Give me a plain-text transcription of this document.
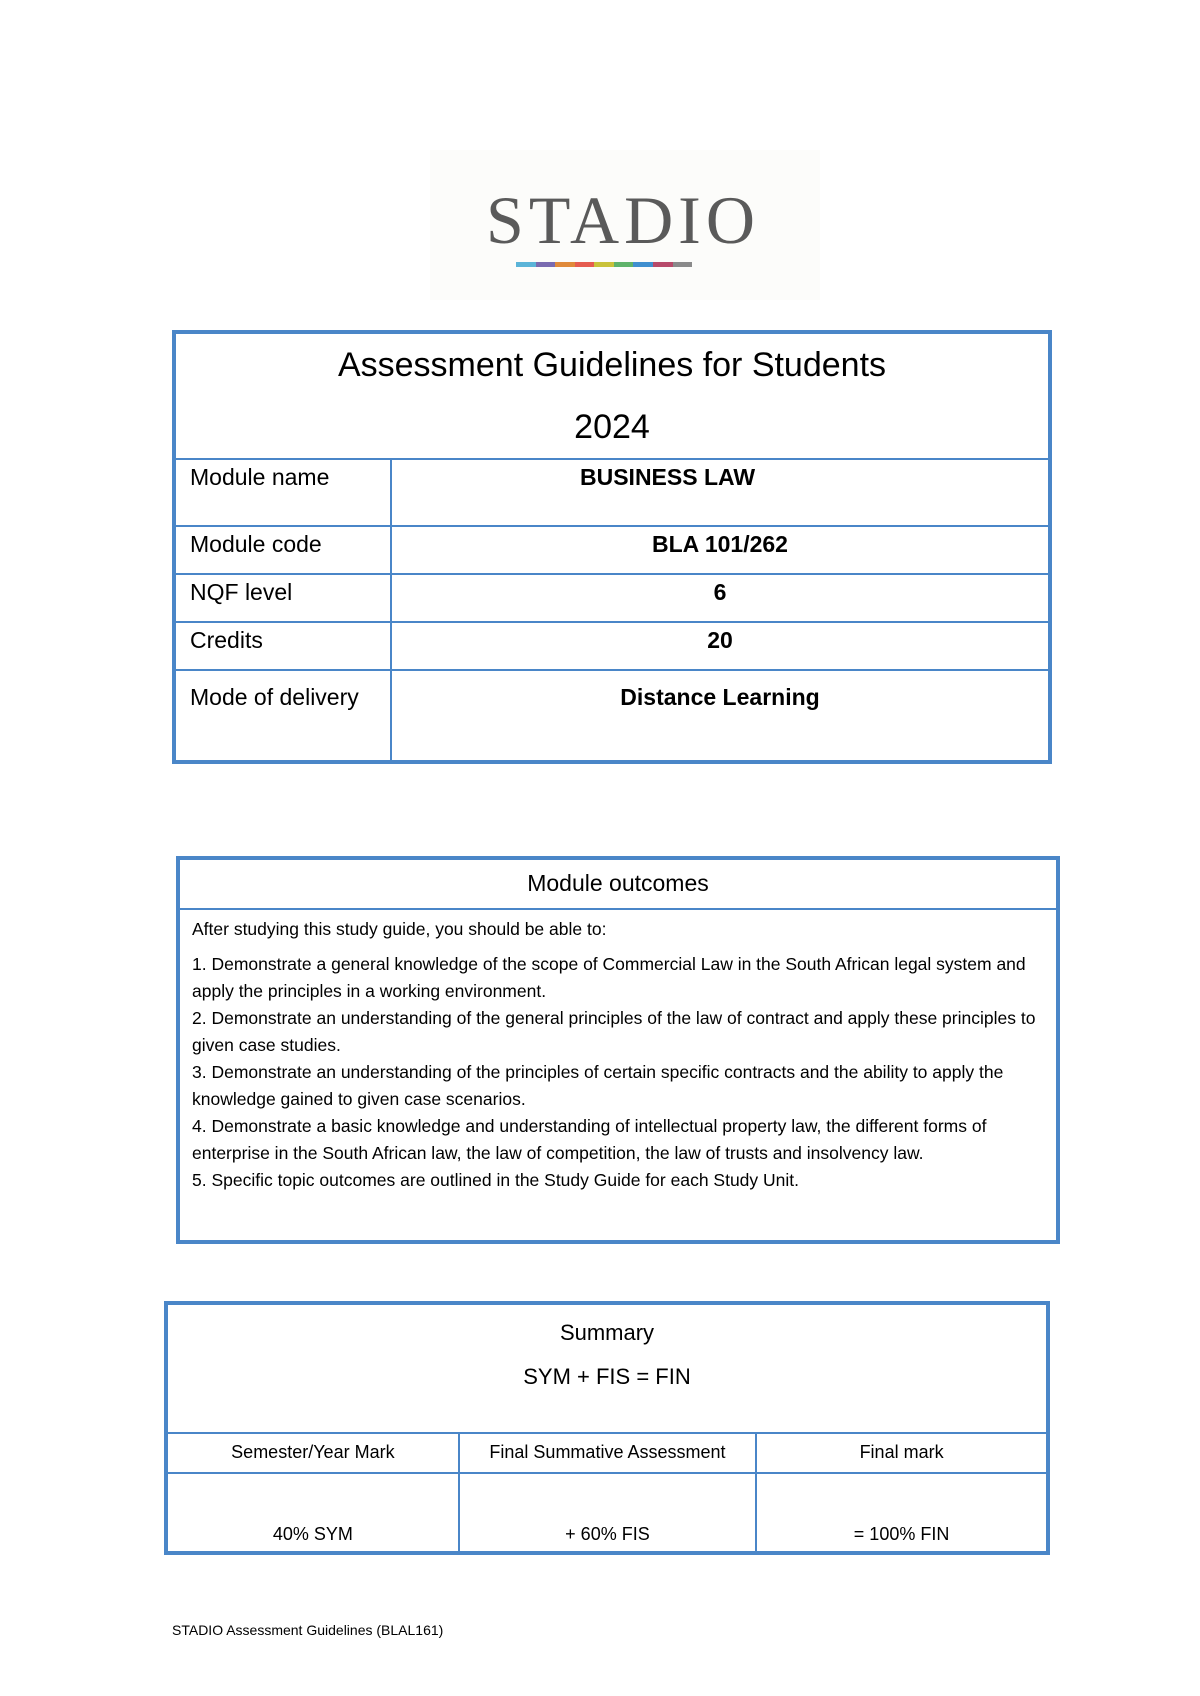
STADIO
Assessment Guidelines for Students
2024	

Module name	BUSINESS LAW
Module code	BLA 101/262
NQF level	6
Credits	20
Mode of delivery	Distance Learning
Module outcomes

After studying this study guide, you should be able to:

1. Demonstrate a general knowledge of the scope of Commercial Law in the South African legal system and apply the principles in a working environment.

2. Demonstrate an understanding of the general principles of the law of contract and apply these principles to given case studies.

3. Demonstrate an understanding of the principles of certain specific contracts and the ability to apply the knowledge gained to given case scenarios.

4. Demonstrate a basic knowledge and understanding of intellectual property law, the different forms of enterprise in the South African law, the law of competition, the law of trusts and insolvency law.

5. Specific topic outcomes are outlined in the Study Guide for each Study Unit.

Summary
SYM + FIS = FIN		

Semester/Year Mark	Final Summative Assessment	Final mark
40% SYM	+ 60% FIS	= 100% FIN
STADIO Assessment Guidelines (BLAL161)
